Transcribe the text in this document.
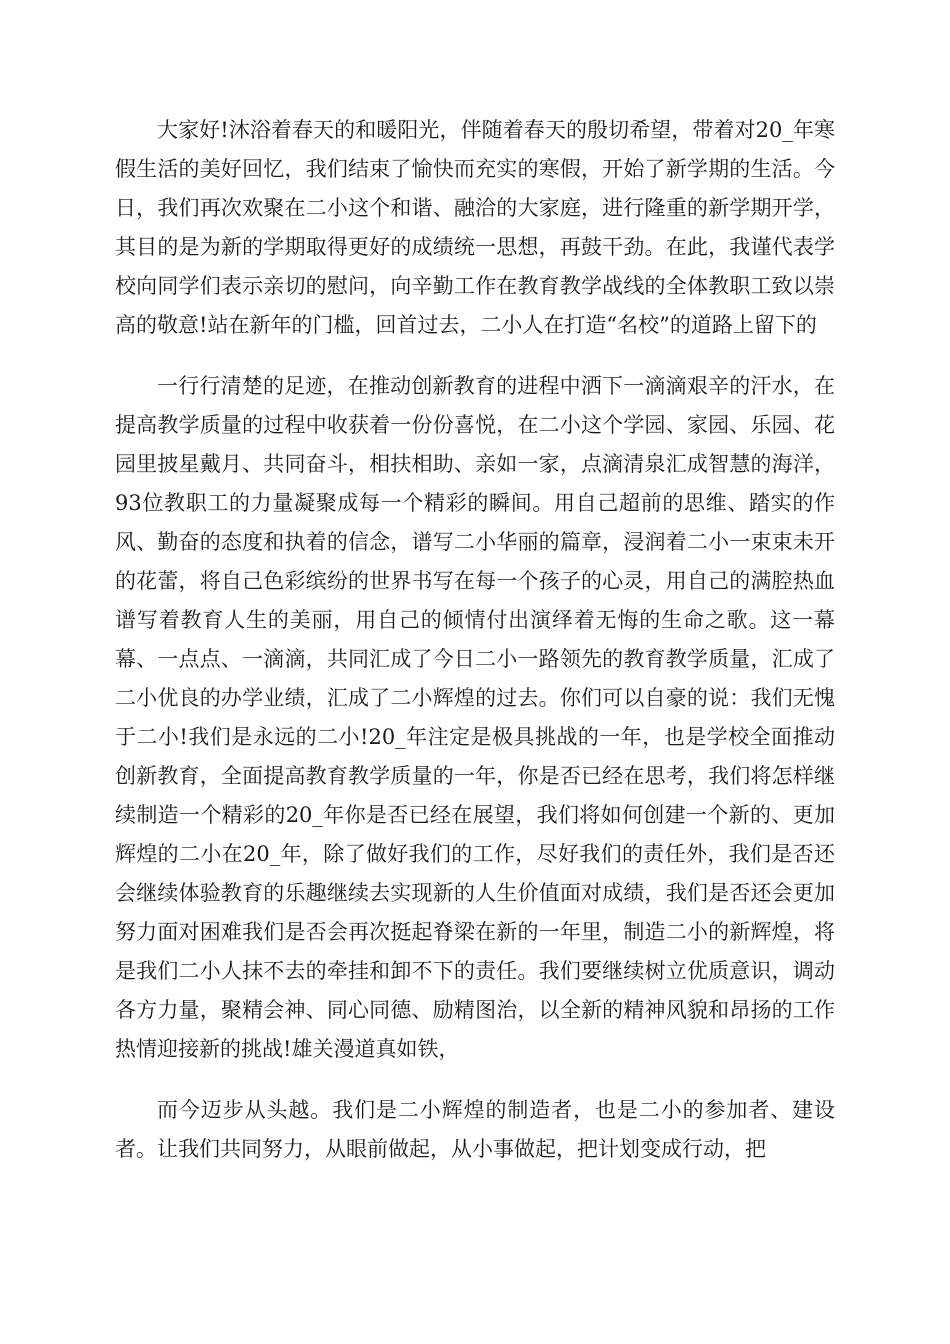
大家好!沐浴着春天的和暖阳光，伴随着春天的殷切希望，带着对20_年寒假生活的美好回忆，我们结束了愉快而充实的寒假，开始了新学期的生活。今日，我们再次欢聚在二小这个和谐、融洽的大家庭，进行隆重的新学期开学，其目的是为新的学期取得更好的成绩统一思想，再鼓干劲。在此，我谨代表学校向同学们表示亲切的慰问，向辛勤工作在教育教学战线的全体教职工致以崇高的敬意!站在新年的门槛，回首过去，二小人在打造“名校”的道路上留下的

一行行清楚的足迹，在推动创新教育的进程中洒下一滴滴艰辛的汗水，在提高教学质量的过程中收获着一份份喜悦，在二小这个学园、家园、乐园、花园里披星戴月、共同奋斗，相扶相助、亲如一家，点滴清泉汇成智慧的海洋，93位教职工的力量凝聚成每一个精彩的瞬间。用自己超前的思维、踏实的作风、勤奋的态度和执着的信念，谱写二小华丽的篇章，浸润着二小一束束未开的花蕾，将自己色彩缤纷的世界书写在每一个孩子的心灵，用自己的满腔热血谱写着教育人生的美丽，用自己的倾情付出演绎着无悔的生命之歌。这一幕幕、一点点、一滴滴，共同汇成了今日二小一路领先的教育教学质量，汇成了二小优良的办学业绩，汇成了二小辉煌的过去。你们可以自豪的说：我们无愧于二小!我们是永远的二小!20_年注定是极具挑战的一年，也是学校全面推动创新教育，全面提高教育教学质量的一年，你是否已经在思考，我们将怎样继续制造一个精彩的20_年你是否已经在展望，我们将如何创建一个新的、更加辉煌的二小在20_年，除了做好我们的工作，尽好我们的责任外，我们是否还会继续体验教育的乐趣继续去实现新的人生价值面对成绩，我们是否还会更加努力面对困难我们是否会再次挺起脊梁在新的一年里，制造二小的新辉煌，将是我们二小人抹不去的牵挂和卸不下的责任。我们要继续树立优质意识，调动各方力量，聚精会神、同心同德、励精图治，以全新的精神风貌和昂扬的工作热情迎接新的挑战!雄关漫道真如铁，

而今迈步从头越。我们是二小辉煌的制造者，也是二小的参加者、建设者。让我们共同努力，从眼前做起，从小事做起，把计划变成行动，把
